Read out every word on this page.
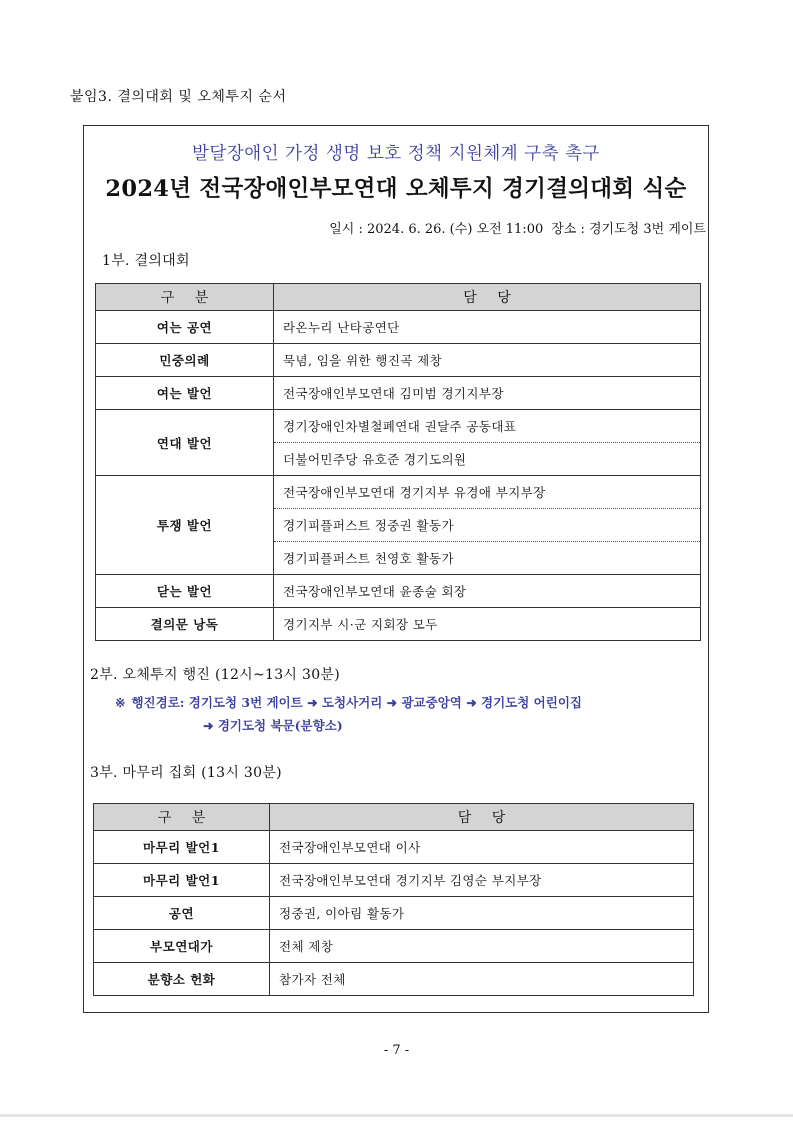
붙임3. 결의대회 및 오체투지 순서
발달장애인 가정 생명 보호 정책 지원체계 구축 촉구
2024년 전국장애인부모연대 오체투지 경기결의대회 식순
일시 : 2024. 6. 26. (수) 오전 11:00 장소 : 경기도청 3번 게이트
1부. 결의대회
구 분	담 당
여는 공연	라온누리 난타공연단
민중의례	묵념, 임을 위한 행진곡 제창
여는 발언	전국장애인부모연대 김미범 경기지부장
연대 발언	경기장애인차별철폐연대 권달주 공동대표
	더불어민주당 유호준 경기도의원
투쟁 발언	전국장애인부모연대 경기지부 유경애 부지부장
	경기피플퍼스트 정중권 활동가
	경기피플퍼스트 천영호 활동가
닫는 발언	전국장애인부모연대 윤종술 회장
결의문 낭독	경기지부 시·군 지회장 모두
2부. 오체투지 행진 (12시~13시 30분)
※ 행진경로: 경기도청 3번 게이트 ➜ 도청사거리 ➜ 광교중앙역 ➜ 경기도청 어린이집
➜ 경기도청 북문(분향소)
3부. 마무리 집회 (13시 30분)
구 분	담 당
마무리 발언1	전국장애인부모연대 이사
마무리 발언1	전국장애인부모연대 경기지부 김영순 부지부장
공연	정중권, 이아림 활동가
부모연대가	전체 제창
분향소 헌화	참가자 전체
- 7 -
